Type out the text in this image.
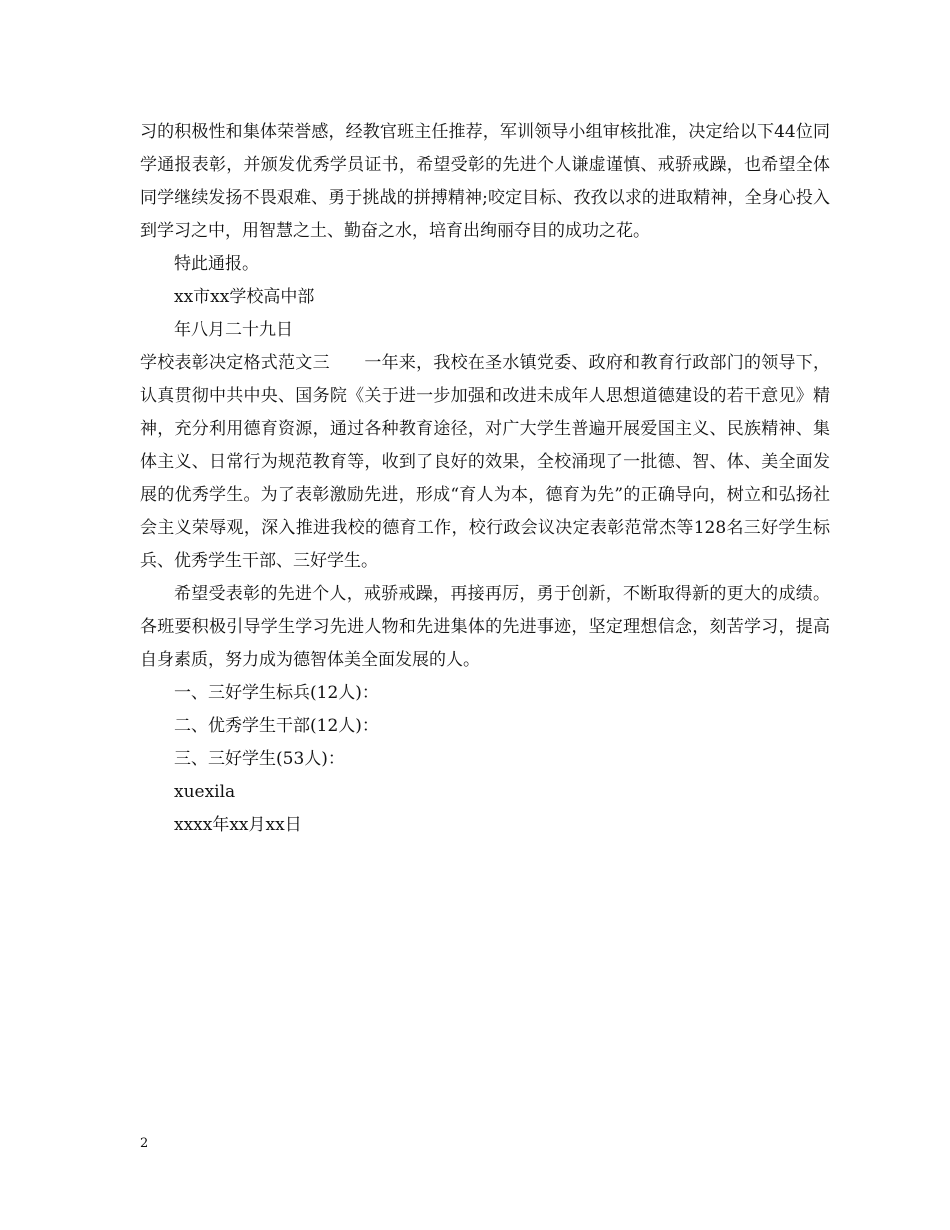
习的积极性和集体荣誉感，经教官班主任推荐，军训领导小组审核批准，决定给以下44位同学通报表彰，并颁发优秀学员证书，希望受彰的先进个人谦虚谨慎、戒骄戒躁，也希望全体同学继续发扬不畏艰难、勇于挑战的拼搏精神;咬定目标、孜孜以求的进取精神，全身心投入到学习之中，用智慧之土、勤奋之水，培育出绚丽夺目的成功之花。

特此通报。

xx市xx学校高中部

年八月二十九日

学校表彰决定格式范文三　　一年来，我校在圣水镇党委、政府和教育行政部门的领导下，认真贯彻中共中央、国务院《关于进一步加强和改进未成年人思想道德建设的若干意见》精神，充分利用德育资源，通过各种教育途径，对广大学生普遍开展爱国主义、民族精神、集体主义、日常行为规范教育等，收到了良好的效果，全校涌现了一批德、智、体、美全面发展的优秀学生。为了表彰激励先进，形成“育人为本，德育为先”的正确导向，树立和弘扬社会主义荣辱观，深入推进我校的德育工作，校行政会议决定表彰范常杰等128名三好学生标兵、优秀学生干部、三好学生。

希望受表彰的先进个人，戒骄戒躁，再接再厉，勇于创新，不断取得新的更大的成绩。各班要积极引导学生学习先进人物和先进集体的先进事迹，坚定理想信念，刻苦学习，提高自身素质，努力成为德智体美全面发展的人。

一、三好学生标兵(12人)：

二、优秀学生干部(12人)：

三、三好学生(53人)：

xuexila

xxxx年xx月xx日

2
